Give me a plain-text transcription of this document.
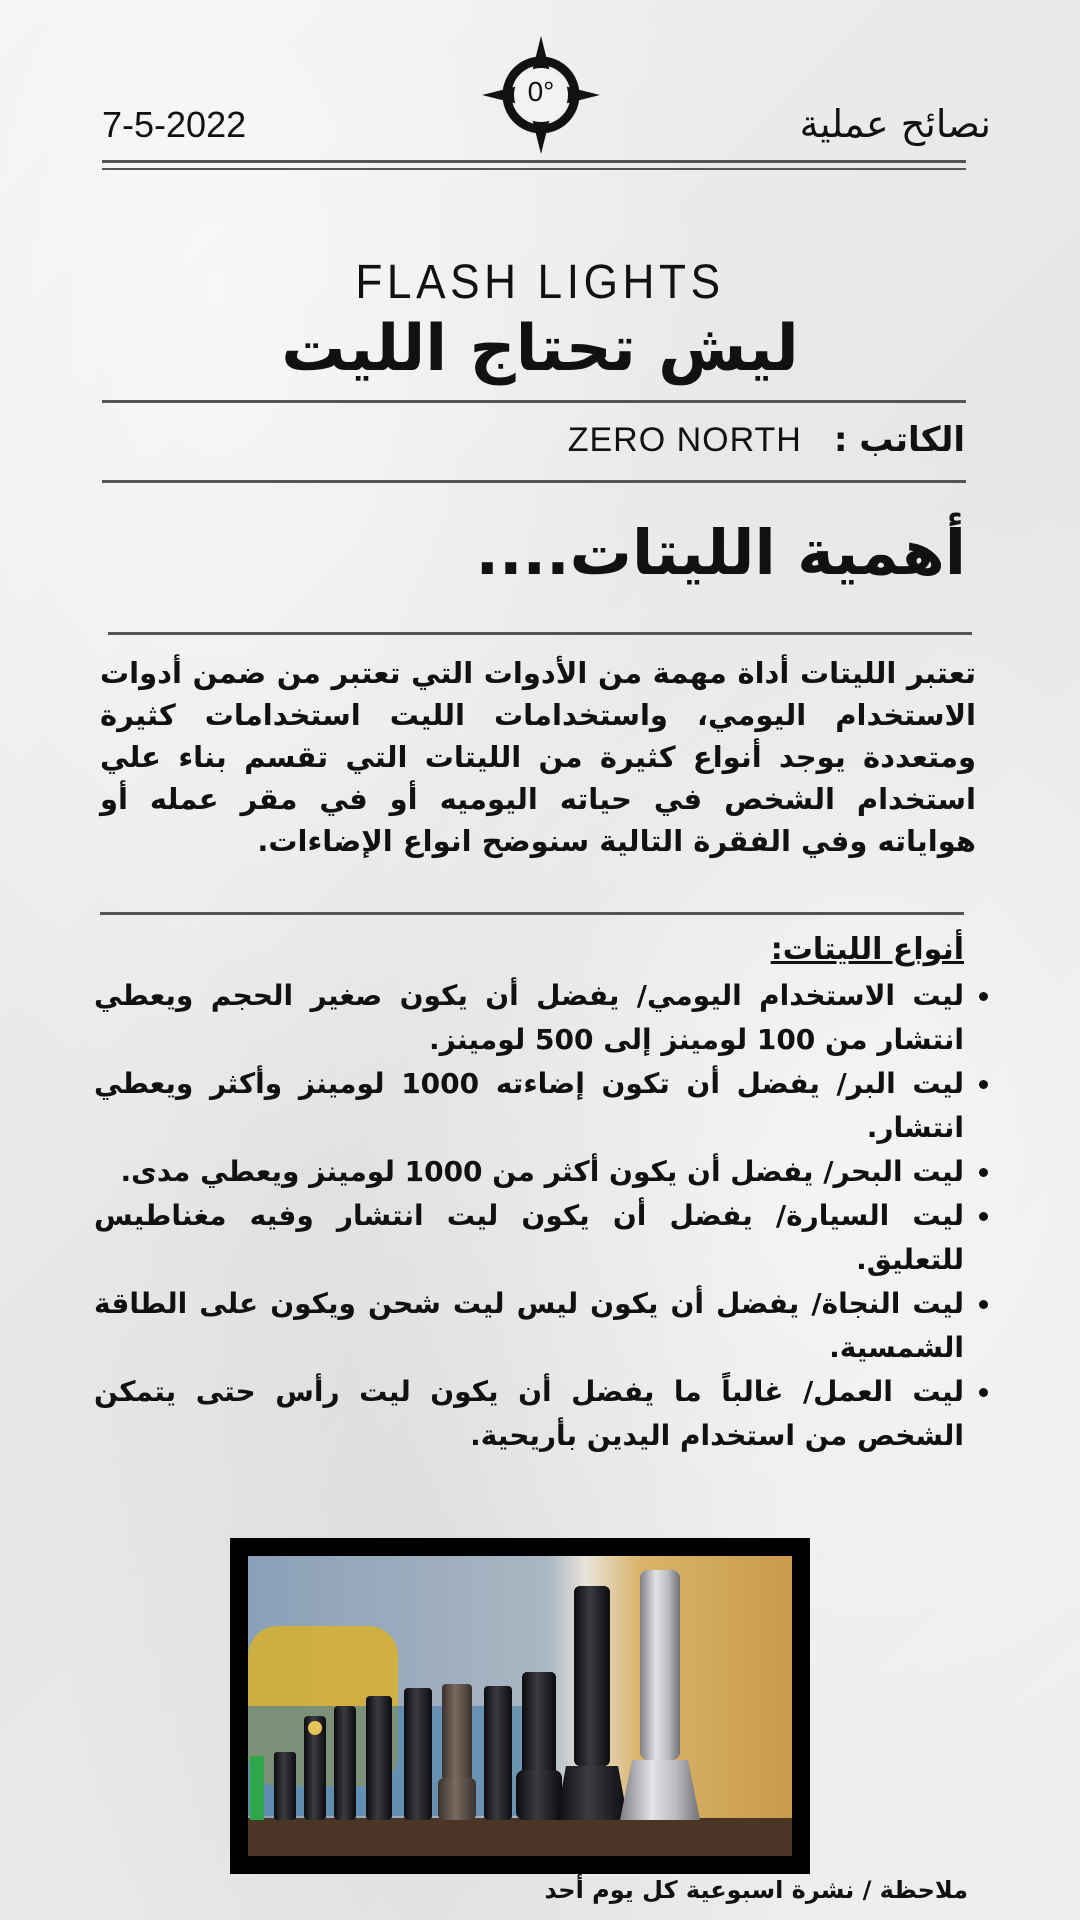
7-5-2022	نصائح عملية
0°
FLASH LIGHTS
ليش تحتاج الليت
الكاتب :ZERO NORTH
أهمية الليتات....

تعتبر الليتات أداة مهمة من الأدوات التي تعتبر من ضمن أدوات الاستخدام اليومي، واستخدامات الليت استخدامات كثيرة ومتعددة يوجد أنواع كثيرة من الليتات التي تقسم بناء علي استخدام الشخص في حياته اليوميه أو في مقر عمله أو هواياته وفي الفقرة التالية سنوضح انواع الإضاءات.

أنواع الليتات:
• ليت الاستخدام اليومي/ يفضل أن يكون صغير الحجم ويعطي انتشار من 100 لومينز إلى 500 لومينز.
• ليت البر/ يفضل أن تكون إضاءته 1000 لومينز وأكثر ويعطي انتشار.
• ليت البحر/ يفضل أن يكون أكثر من 1000 لومينز ويعطي مدى.
• ليت السيارة/ يفضل أن يكون ليت انتشار وفيه مغناطيس للتعليق.
• ليت النجاة/ يفضل أن يكون ليس ليت شحن ويكون على الطاقة الشمسية.
• ليت العمل/ غالباً ما يفضل أن يكون ليت رأس حتى يتمكن الشخص من استخدام اليدين بأريحية.
ملاحظة / نشرة اسبوعية كل يوم أحد
